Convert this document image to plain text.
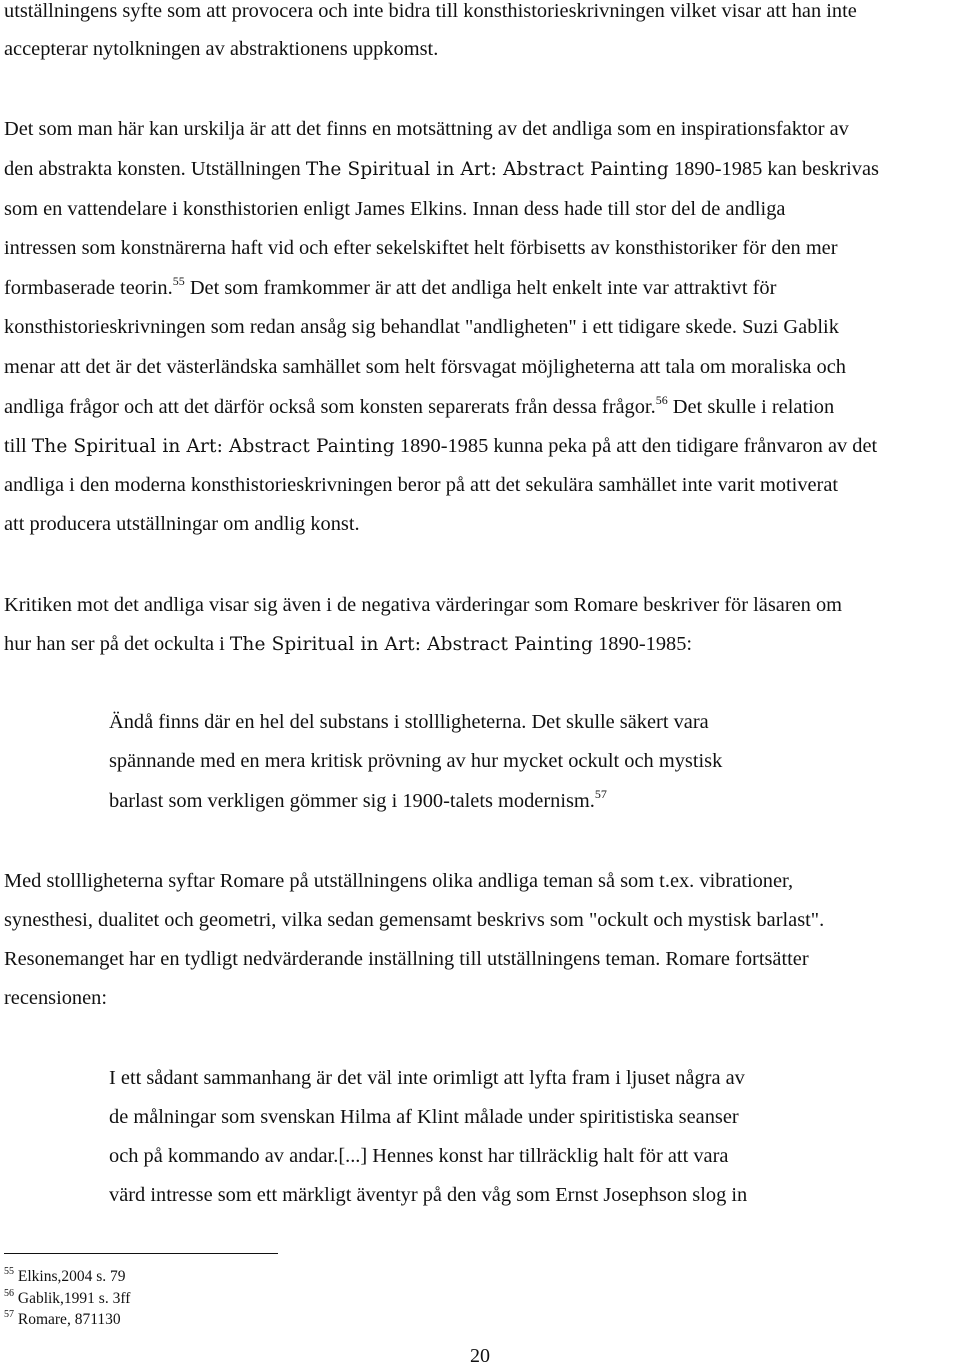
utställningens syfte som att provocera och inte bidra till konsthistorieskrivningen vilket visar att han inte
accepterar nytolkningen av abstraktionens uppkomst.
Det som man här kan urskilja är att det finns en motsättning av det andliga som en inspirationsfaktor av
den abstrakta konsten. Utställningen The Spiritual in Art: Abstract Painting 1890-1985 kan beskrivas
som en vattendelare i konsthistorien enligt James Elkins. Innan dess hade till stor del de andliga
intressen som konstnärerna haft vid och efter sekelskiftet helt förbisetts av konsthistoriker för den mer
formbaserade teorin.$^{55}$ Det som framkommer är att det andliga helt enkelt inte var attraktivt för
konsthistorieskrivningen som redan ansåg sig behandlat "andligheten" i ett tidigare skede. Suzi Gablik
menar att det är det västerländska samhället som helt försvagat möjligheterna att tala om moraliska och
andliga frågor och att det därför också som konsten separerats från dessa frågor.$^{56}$ Det skulle i relation
till The Spiritual in Art: Abstract Painting 1890-1985 kunna peka på att den tidigare frånvaron av det
andliga i den moderna konsthistorieskrivningen beror på att det sekulära samhället inte varit motiverat
att producera utställningar om andlig konst.
Kritiken mot det andliga visar sig även i de negativa värderingar som Romare beskriver för läsaren om
hur han ser på det ockulta i The Spiritual in Art: Abstract Painting 1890-1985:
Ändå finns där en hel del substans i stollligheterna. Det skulle säkert vara
spännande med en mera kritisk prövning av hur mycket ockult och mystisk
barlast som verkligen gömmer sig i 1900-talets modernism.$^{57}$
Med stollligheterna syftar Romare på utställningens olika andliga teman så som t.ex. vibrationer,
synesthesi, dualitet och geometri, vilka sedan gemensamt beskrivs som "ockult och mystisk barlast".
Resonemanget har en tydligt nedvärderande inställning till utställningens teman. Romare fortsätter
recensionen:
I ett sådant sammanhang är det väl inte orimligt att lyfta fram i ljuset några av
de målningar som svenskan Hilma af Klint målade under spiritistiska seanser
och på kommando av andar.[...] Hennes konst har tillräcklig halt för att vara
värd intresse som ett märkligt äventyr på den våg som Ernst Josephson slog in
$^{55}$ Elkins,2004 s. 79
$^{56}$ Gablik,1991 s. 3ff
$^{57}$ Romare, 871130
20
